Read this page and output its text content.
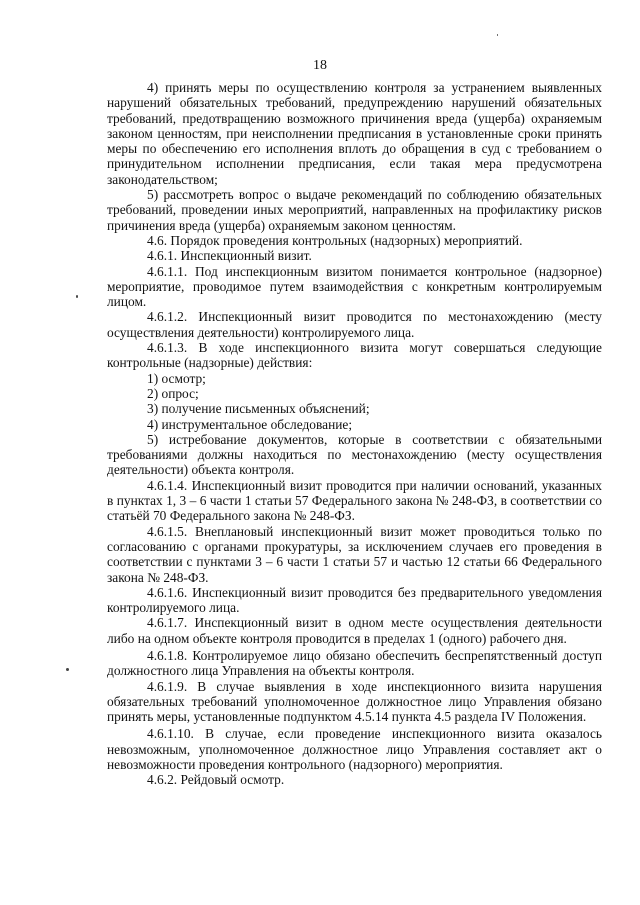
18

4) принять меры по осуществлению контроля за устранением выявленных нарушений обязательных требований, предупреждению нарушений обязательных требований, предотвращению возможного причинения вреда (ущерба) охраняемым законом ценностям, при неисполнении предписания в установленные сроки принять меры по обеспечению его исполнения вплоть до обращения в суд с требованием о принудительном исполнении предписания, если такая мера предусмотрена законодательством;

5) рассмотреть вопрос о выдаче рекомендаций по соблюдению обязательных требований, проведении иных мероприятий, направленных на профилактику рисков причинения вреда (ущерба) охраняемым законом ценностям.

4.6. Порядок проведения контрольных (надзорных) мероприятий.

4.6.1. Инспекционный визит.

4.6.1.1. Под инспекционным визитом понимается контрольное (надзорное) мероприятие, проводимое путем взаимодействия с конкретным контролируемым лицом.

4.6.1.2. Инспекционный визит проводится по местонахождению (месту осуществления деятельности) контролируемого лица.

4.6.1.3. В ходе инспекционного визита могут совершаться следующие контрольные (надзорные) действия:

1) осмотр;

2) опрос;

3) получение письменных объяснений;

4) инструментальное обследование;

5) истребование документов, которые в соответствии с обязательными требованиями должны находиться по местонахождению (месту осуществления деятельности) объекта контроля.

4.6.1.4. Инспекционный визит проводится при наличии оснований, указанных в пунктах 1, 3 – 6 части 1 статьи 57 Федерального закона № 248-ФЗ, в соответствии со статьёй 70 Федерального закона № 248-ФЗ.

4.6.1.5. Внеплановый инспекционный визит может проводиться только по согласованию с органами прокуратуры, за исключением случаев его проведения в соответствии с пунктами 3 – 6 части 1 статьи 57 и частью 12 статьи 66 Федерального закона № 248-ФЗ.

4.6.1.6. Инспекционный визит проводится без предварительного уведомления контролируемого лица.

4.6.1.7. Инспекционный визит в одном месте осуществления деятельности либо на одном объекте контроля проводится в пределах 1 (одного) рабочего дня.

4.6.1.8. Контролируемое лицо обязано обеспечить беспрепятственный доступ должностного лица Управления на объекты контроля.

4.6.1.9. В случае выявления в ходе инспекционного визита нарушения обязательных требований уполномоченное должностное лицо Управления обязано принять меры, установленные подпунктом 4.5.14 пункта 4.5 раздела IV Положения.

4.6.1.10. В случае, если проведение инспекционного визита оказалось невозможным, уполномоченное должностное лицо Управления составляет акт о невозможности проведения контрольного (надзорного) мероприятия.

4.6.2. Рейдовый осмотр.
